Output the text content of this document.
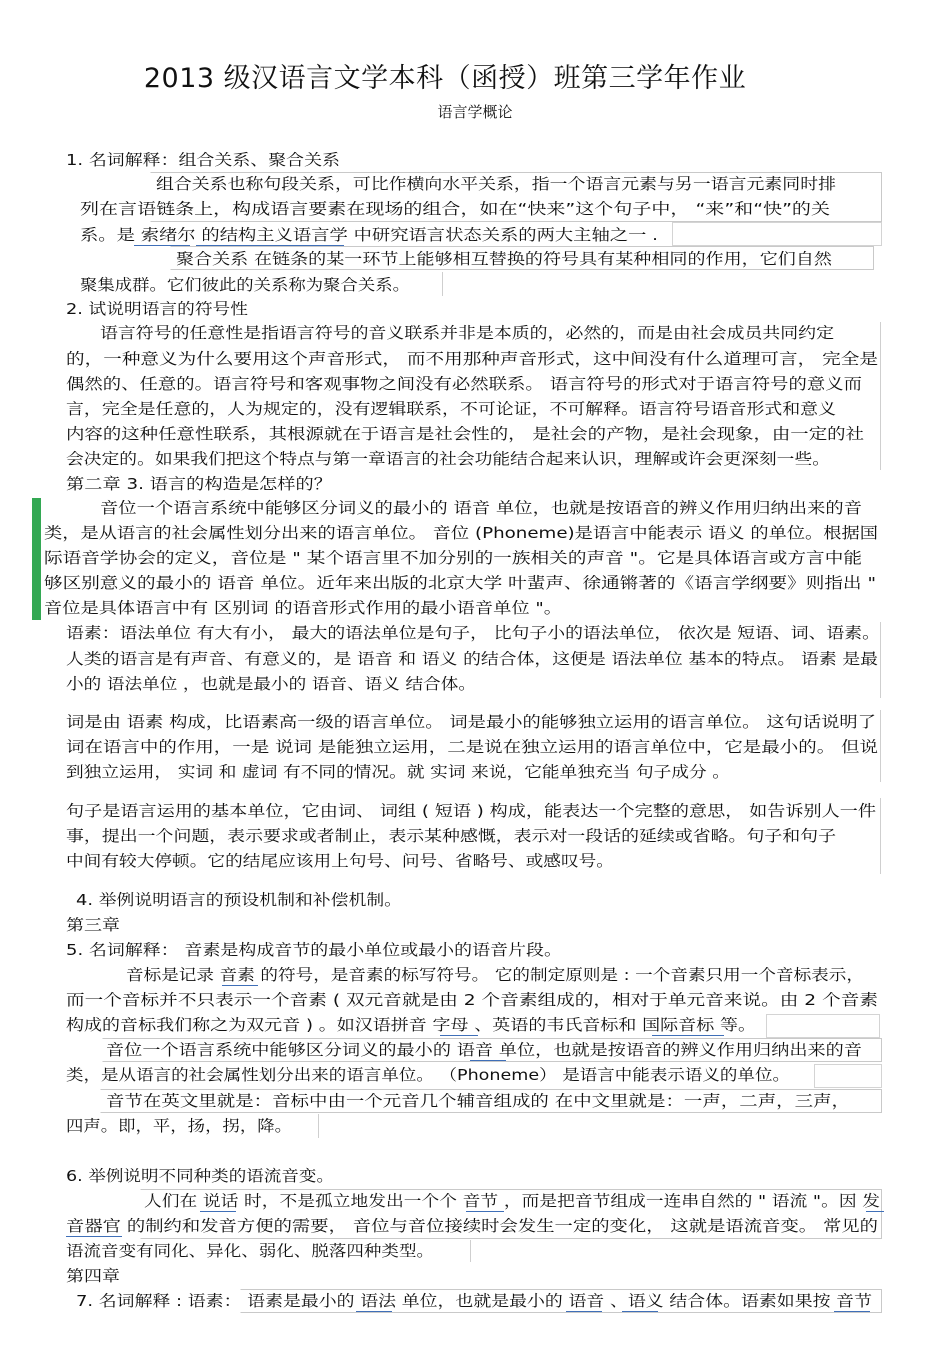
2013 级汉语言文学本科（函授）班第三学年作业
语言学概论
1. 名词解释：组合关系、聚合关系
组合关系也称句段关系，可比作横向水平关系，指一个语言元素与另一语言元素同时排
列在言语链条上，构成语言要素在现场的组合，如在“快来”这个句子中， “来”和“快”的关
系。是 索绪尔 的结构主义语言学 中研究语言状态关系的两大主轴之一 .
聚合关系 在链条的某一环节上能够相互替换的符号具有某种相同的作用，它们自然
聚集成群。它们彼此的关系称为聚合关系。
2. 试说明语言的符号性
语言符号的任意性是指语言符号的音义联系并非是本质的，必然的，而是由社会成员共同约定
的，一种意义为什么要用这个声音形式， 而不用那种声音形式，这中间没有什么道理可言， 完全是
偶然的、任意的。语言符号和客观事物之间没有必然联系。 语言符号的形式对于语言符号的意义而
言，完全是任意的，人为规定的，没有逻辑联系，不可论证，不可解释。语言符号语音形式和意义
内容的这种任意性联系，其根源就在于语言是社会性的， 是社会的产物，是社会现象，由一定的社
会决定的。如果我们把这个特点与第一章语言的社会功能结合起来认识，理解或许会更深刻一些。
第二章 3. 语言的构造是怎样的？
音位一个语言系统中能够区分词义的最小的 语音 单位，也就是按语音的辨义作用归纳出来的音
类，是从语言的社会属性划分出来的语言单位。 音位 (Phoneme)是语言中能表示 语义 的单位。根据国
际语音学协会的定义，音位是 " 某个语言里不加分别的一族相关的声音 "。它是具体语言或方言中能
够区别意义的最小的 语音 单位。近年来出版的北京大学 叶蜚声、徐通锵著的《语言学纲要》则指出 "
音位是具体语言中有 区别词 的语音形式作用的最小语音单位 "。
语素：语法单位 有大有小， 最大的语法单位是句子， 比句子小的语法单位， 依次是 短语、词、语素。
人类的语言是有声音、有意义的，是 语音 和 语义 的结合体，这便是 语法单位 基本的特点。 语素 是最
小的 语法单位 ，也就是最小的 语音、语义 结合体。
词是由 语素 构成，比语素高一级的语言单位。 词是最小的能够独立运用的语言单位。 这句话说明了
词在语言中的作用，一是 说词 是能独立运用，二是说在独立运用的语言单位中，它是最小的。 但说
到独立运用， 实词 和 虚词 有不同的情况。就 实词 来说，它能单独充当 句子成分 。
句子是语言运用的基本单位，它由词、 词组 ( 短语 ) 构成，能表达一个完整的意思， 如告诉别人一件
事，提出一个问题，表示要求或者制止，表示某种感慨，表示对一段话的延续或省略。句子和句子
中间有较大停顿。它的结尾应该用上句号、问号、省略号、或感叹号。
4. 举例说明语言的预设机制和补偿机制。
第三章
5. 名词解释： 音素是构成音节的最小单位或最小的语音片段。
音标是记录 音素 的符号，是音素的标写符号。 它的制定原则是 : 一个音素只用一个音标表示，
而一个音标并不只表示一个音素 ( 双元音就是由 2 个音素组成的，相对于单元音来说。由 2 个音素
构成的音标我们称之为双元音 ) 。如汉语拼音 字母 、英语的韦氏音标和 国际音标 等。
音位一个语言系统中能够区分词义的最小的 语音 单位，也就是按语音的辨义作用归纳出来的音
类，是从语言的社会属性划分出来的语言单位。 （Phoneme） 是语言中能表示语义的单位。
音节在英文里就是：音标中由一个元音几个辅音组成的 在中文里就是：一声，二声，三声，
四声。即，平，扬，拐，降。
6. 举例说明不同种类的语流音变。
人们在 说话 时，不是孤立地发出一个个 音节 ，而是把音节组成一连串自然的 " 语流 "。因 发
音器官 的制约和发音方便的需要， 音位与音位接续时会发生一定的变化， 这就是语流音变。 常见的
语流音变有同化、异化、弱化、脱落四种类型。
第四章
7. 名词解释 : 语素： 语素是最小的 语法 单位，也就是最小的 语音 、语义 结合体。语素如果按 音节
